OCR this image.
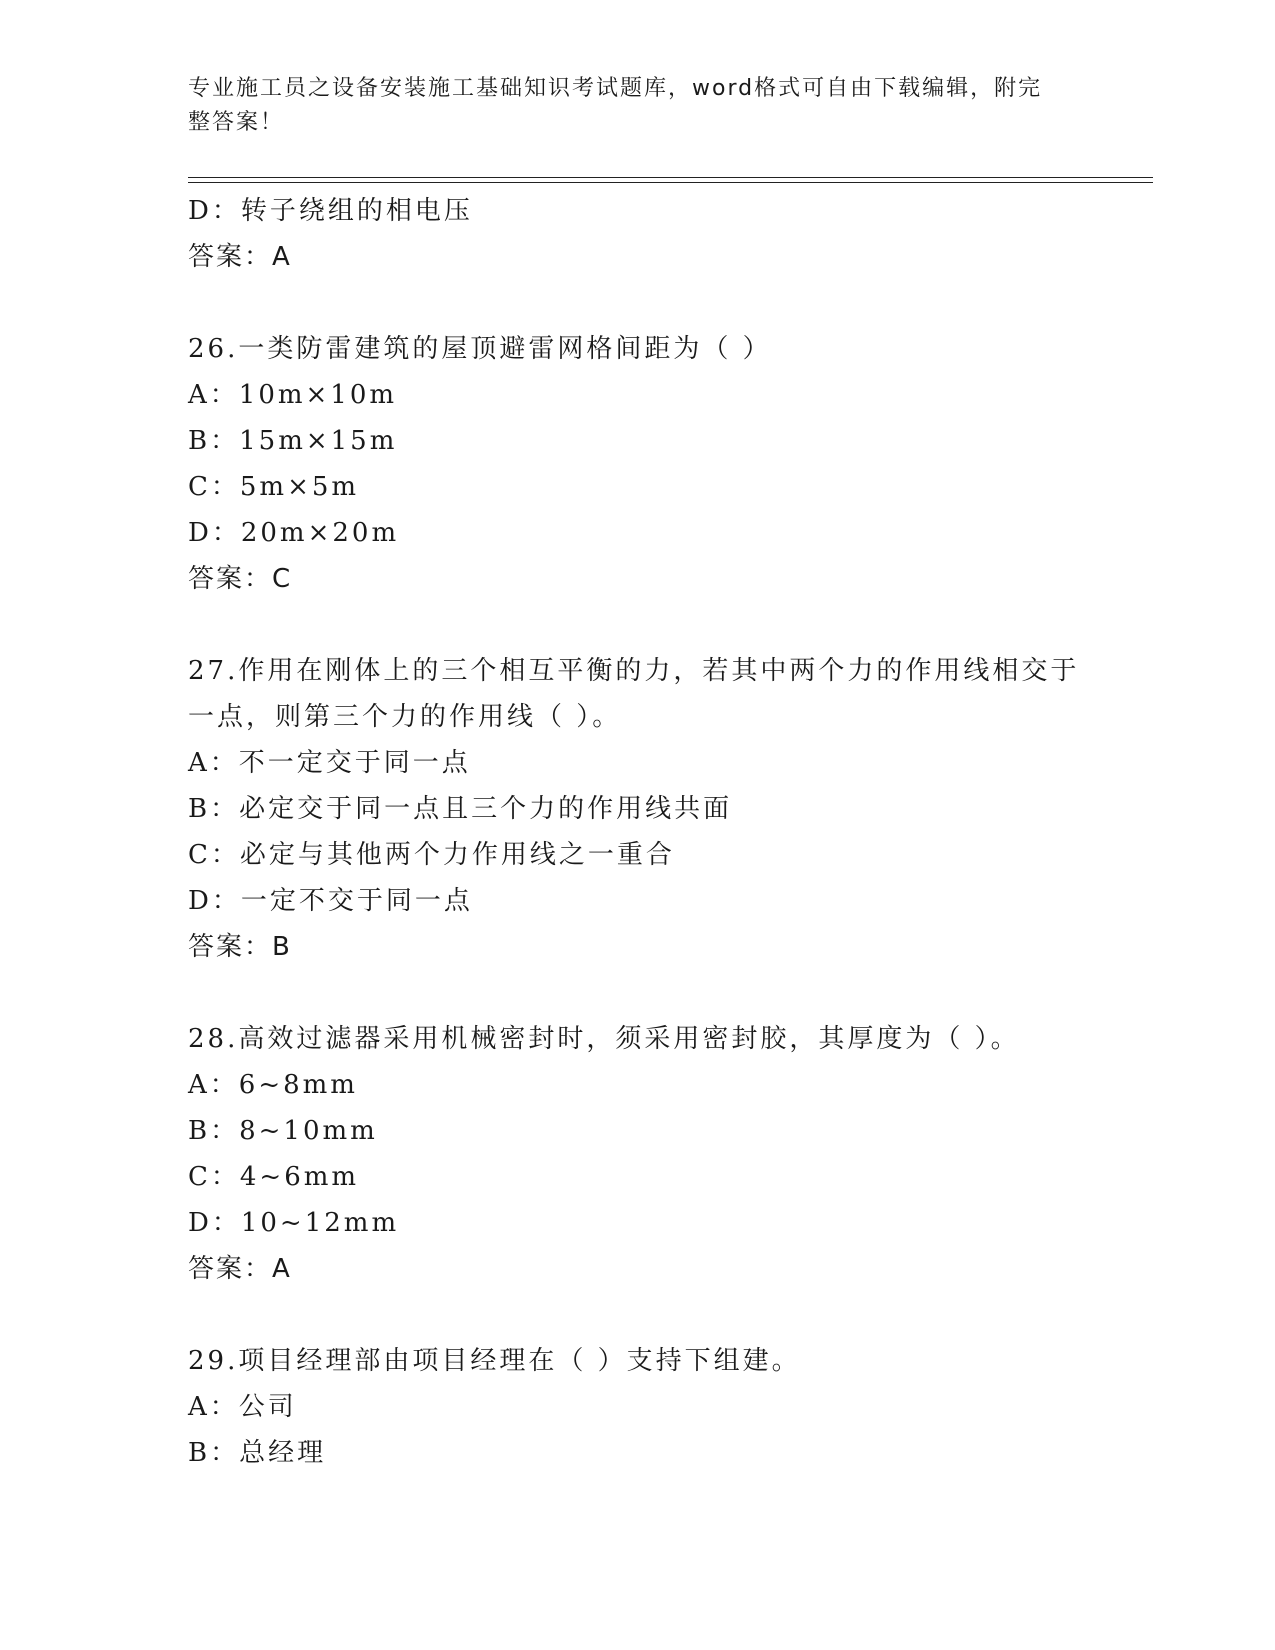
专业施工员之设备安装施工基础知识考试题库，word格式可自由下载编辑，附完
整答案！
D：转子绕组的相电压
答案：A
26.一类防雷建筑的屋顶避雷网格间距为（ ）
A：10m×10m
B：15m×15m
C：5m×5m
D：20m×20m
答案：C
27.作用在刚体上的三个相互平衡的力，若其中两个力的作用线相交于
一点，则第三个力的作用线（ ）。
A：不一定交于同一点
B：必定交于同一点且三个力的作用线共面
C：必定与其他两个力作用线之一重合
D：一定不交于同一点
答案：B
28.高效过滤器采用机械密封时，须采用密封胶，其厚度为（ ）。
A：6~8mm
B：8~10mm
C：4~6mm
D：10~12mm
答案：A
29.项目经理部由项目经理在（ ）支持下组建。
A：公司
B：总经理
